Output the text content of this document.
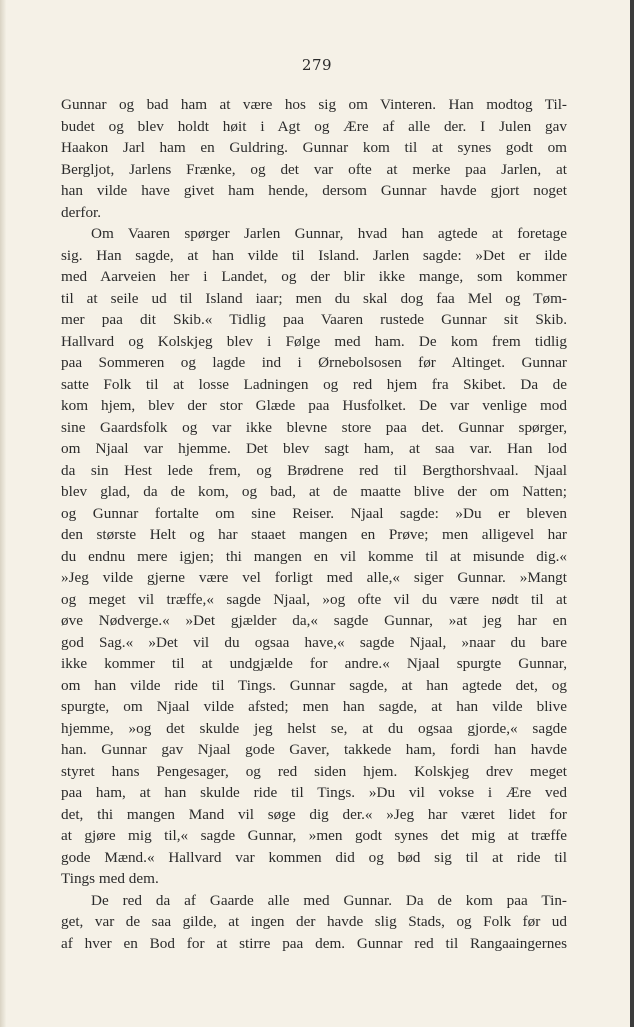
279
Gunnar og bad ham at være hos sig om Vinteren. Han modtog Til-
budet og blev holdt høit i Agt og Ære af alle der. I Julen gav
Haakon Jarl ham en Guldring. Gunnar kom til at synes godt om
Bergljot, Jarlens Frænke, og det var ofte at merke paa Jarlen, at
han vilde have givet ham hende, dersom Gunnar havde gjort noget
derfor.
Om Vaaren spørger Jarlen Gunnar, hvad han agtede at foretage
sig. Han sagde, at han vilde til Island. Jarlen sagde: »Det er ilde
med Aarveien her i Landet, og der blir ikke mange, som kommer
til at seile ud til Island iaar; men du skal dog faa Mel og Tøm-
mer paa dit Skib.« Tidlig paa Vaaren rustede Gunnar sit Skib.
Hallvard og Kolskjeg blev i Følge med ham. De kom frem tidlig
paa Sommeren og lagde ind i Ørnebolsosen før Altinget. Gunnar
satte Folk til at losse Ladningen og red hjem fra Skibet. Da de
kom hjem, blev der stor Glæde paa Husfolket. De var venlige mod
sine Gaardsfolk og var ikke blevne store paa det. Gunnar spørger,
om Njaal var hjemme. Det blev sagt ham, at saa var. Han lod
da sin Hest lede frem, og Brødrene red til Bergthorshvaal. Njaal
blev glad, da de kom, og bad, at de maatte blive der om Natten;
og Gunnar fortalte om sine Reiser. Njaal sagde: »Du er bleven
den største Helt og har staaet mangen en Prøve; men alligevel har
du endnu mere igjen; thi mangen en vil komme til at misunde dig.«
»Jeg vilde gjerne være vel forligt med alle,« siger Gunnar. »Mangt
og meget vil træffe,« sagde Njaal, »og ofte vil du være nødt til at
øve Nødverge.« »Det gjælder da,« sagde Gunnar, »at jeg har en
god Sag.« »Det vil du ogsaa have,« sagde Njaal, »naar du bare
ikke kommer til at undgjælde for andre.« Njaal spurgte Gunnar,
om han vilde ride til Tings. Gunnar sagde, at han agtede det, og
spurgte, om Njaal vilde afsted; men han sagde, at han vilde blive
hjemme, »og det skulde jeg helst se, at du ogsaa gjorde,« sagde
han. Gunnar gav Njaal gode Gaver, takkede ham, fordi han havde
styret hans Pengesager, og red siden hjem. Kolskjeg drev meget
paa ham, at han skulde ride til Tings. »Du vil vokse i Ære ved
det, thi mangen Mand vil søge dig der.« »Jeg har været lidet for
at gjøre mig til,« sagde Gunnar, »men godt synes det mig at træffe
gode Mænd.« Hallvard var kommen did og bød sig til at ride til
Tings med dem.
De red da af Gaarde alle med Gunnar. Da de kom paa Tin-
get, var de saa gilde, at ingen der havde slig Stads, og Folk før ud
af hver en Bod for at stirre paa dem. Gunnar red til Rangaaingernes
